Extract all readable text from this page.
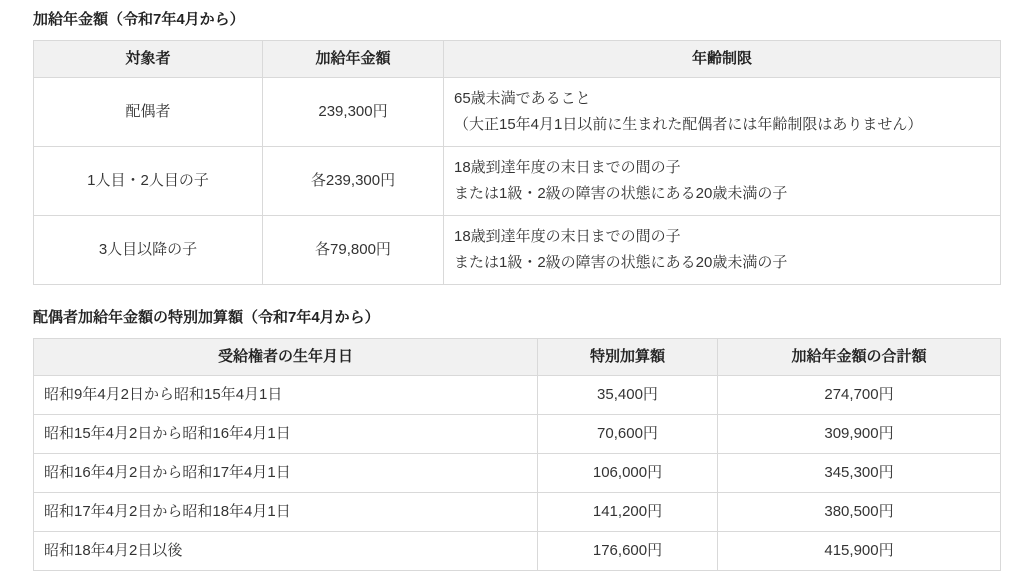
加給年金額（令和7年4月から）
対象者	加給年金額	年齢制限
配偶者	239,300円	65歳未満であること
（大正15年4月1日以前に生まれた配偶者には年齢制限はありません）

1人目・2人目の子	各239,300円	18歳到達年度の末日までの間の子
または1級・2級の障害の状態にある20歳未満の子

3人目以降の子	各79,800円	18歳到達年度の末日までの間の子
または1級・2級の障害の状態にある20歳未満の子
配偶者加給年金額の特別加算額（令和7年4月から）
受給権者の生年月日	特別加算額	加給年金額の合計額
昭和9年4月2日から昭和15年4月1日	35,400円	274,700円
昭和15年4月2日から昭和16年4月1日	70,600円	309,900円
昭和16年4月2日から昭和17年4月1日	106,000円	345,300円
昭和17年4月2日から昭和18年4月1日	141,200円	380,500円
昭和18年4月2日以後	176,600円	415,900円
